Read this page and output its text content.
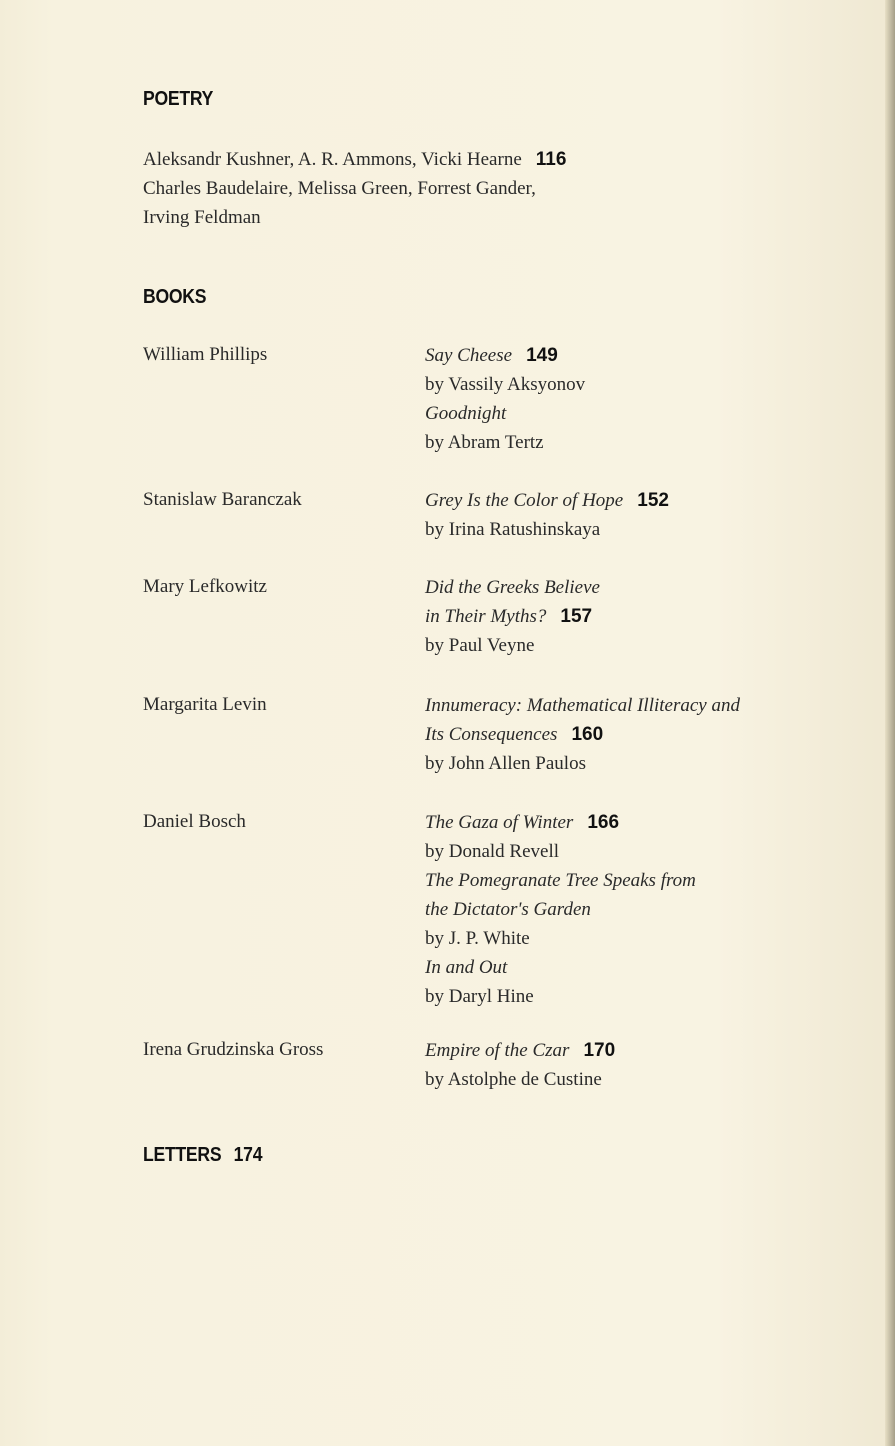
POETRY
Aleksandr Kushner, A. R. Ammons, Vicki Hearne 116
Charles Baudelaire, Melissa Green, Forrest Gander,
Irving Feldman
BOOKS
William Phillips	Say Cheese 149
by Vassily Aksyonov
Goodnight
by Abram Tertz
Stanislaw Baranczak	Grey Is the Color of Hope 152
by Irina Ratushinskaya
Mary Lefkowitz	Did the Greeks Believe
in Their Myths? 157
by Paul Veyne
Margarita Levin	Innumeracy: Mathematical Illiteracy and
Its Consequences 160
by John Allen Paulos
Daniel Bosch	The Gaza of Winter 166
by Donald Revell
The Pomegranate Tree Speaks from
the Dictator's Garden
by J. P. White
In and Out
by Daryl Hine
Irena Grudzinska Gross	Empire of the Czar 170
by Astolphe de Custine
LETTERS 174
